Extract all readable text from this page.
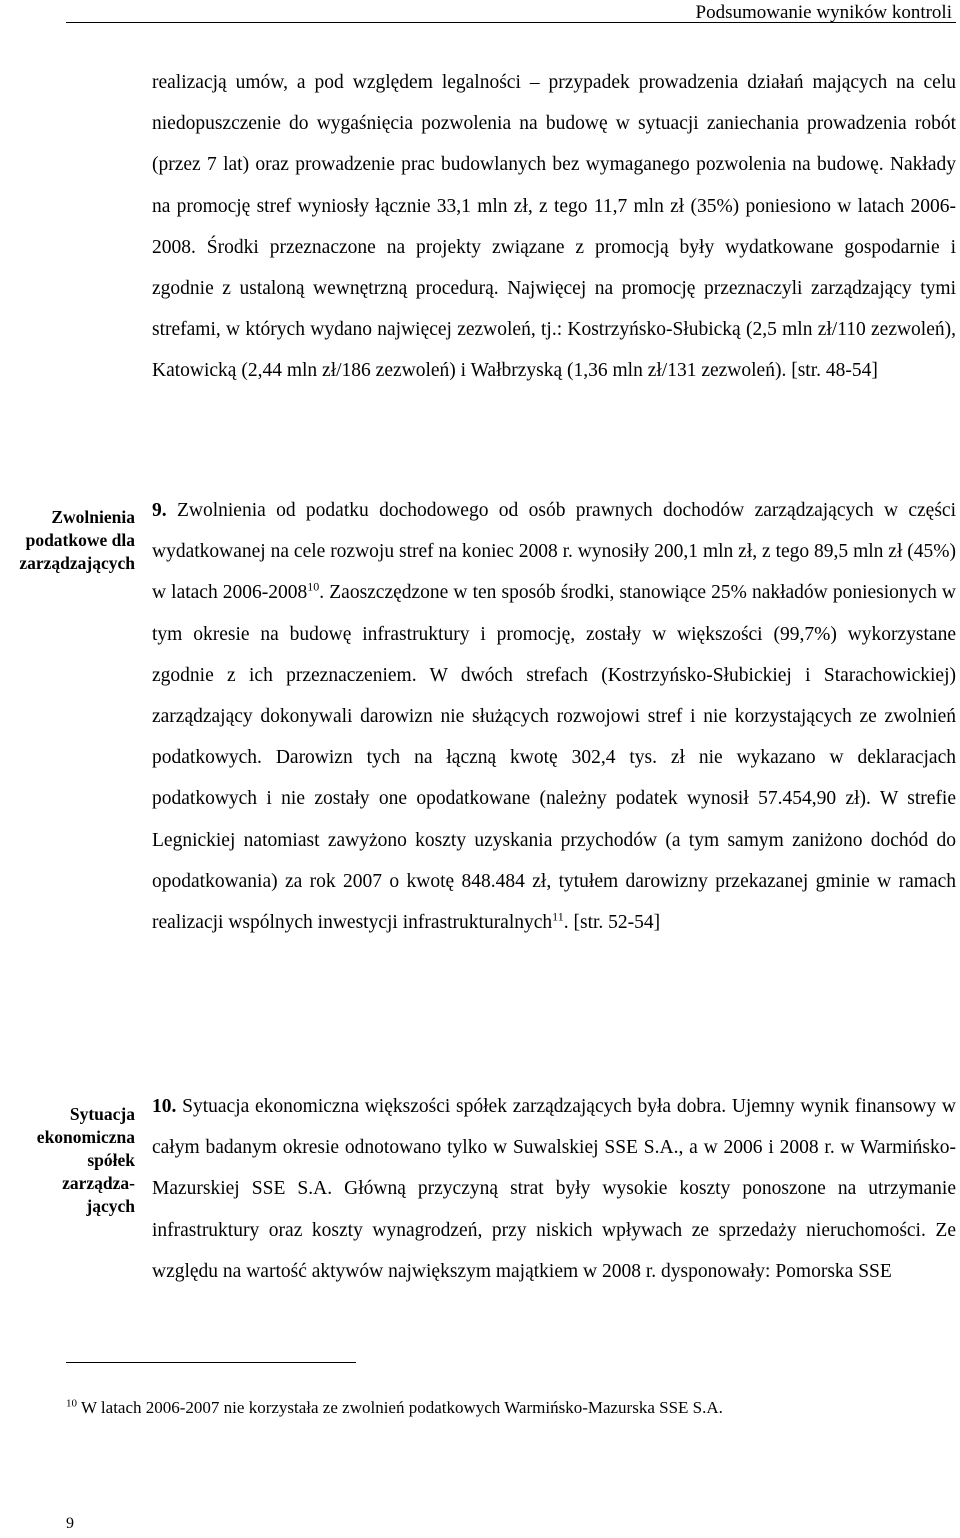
Podsumowanie wyników kontroli

realizacją umów, a pod względem legalności – przypadek prowadzenia działań mających na celu niedopuszczenie do wygaśnięcia pozwolenia na budowę w sytuacji zaniechania prowadzenia robót (przez 7 lat) oraz prowadzenie prac budowlanych bez wymaganego pozwolenia na budowę. Nakłady na promocję stref wyniosły łącznie 33,1 mln zł, z tego 11,7 mln zł (35%) poniesiono w latach 2006-2008. Środki przeznaczone na projekty związane z promocją były wydatkowane gospodarnie i zgodnie z ustaloną wewnętrzną procedurą. Najwięcej na promocję przeznaczyli zarządzający tymi strefami, w których wydano najwięcej zezwoleń, tj.: Kostrzyńsko-Słubicką (2,5 mln zł/110 zezwoleń), Katowicką (2,44 mln zł/186 zezwoleń) i Wałbrzyską (1,36 mln zł/131 zezwoleń). [str. 48-54]

Zwolnienia
podatkowe dla
zarządzających

9. Zwolnienia od podatku dochodowego od osób prawnych dochodów zarządzających w części wydatkowanej na cele rozwoju stref na koniec 2008 r. wynosiły 200,1 mln zł, z tego 89,5 mln zł (45%) w latach 2006-2008$^{10}$. Zaoszczędzone w ten sposób środki, stanowiące 25% nakładów poniesionych w tym okresie na budowę infrastruktury i promocję, zostały w większości (99,7%) wykorzystane zgodnie z ich przeznaczeniem. W dwóch strefach (Kostrzyńsko-Słubickiej i Starachowickiej) zarządzający dokonywali darowizn nie służących rozwojowi stref i nie korzystających ze zwolnień podatkowych. Darowizn tych na łączną kwotę 302,4 tys. zł nie wykazano w deklaracjach podatkowych i nie zostały one opodatkowane (należny podatek wynosił 57.454,90 zł). W strefie Legnickiej natomiast zawyżono koszty uzyskania przychodów (a tym samym zaniżono dochód do opodatkowania) za rok 2007 o kwotę 848.484 zł, tytułem darowizny przekazanej gminie w ramach realizacji wspólnych inwestycji infrastrukturalnych$^{11}$. [str. 52-54]

Sytuacja
ekonomiczna
spółek
zarządza-
jących

10. Sytuacja ekonomiczna większości spółek zarządzających była dobra. Ujemny wynik finansowy w całym badanym okresie odnotowano tylko w Suwalskiej SSE S.A., a w 2006 i 2008 r. w Warmińsko-Mazurskiej SSE S.A. Główną przyczyną strat były wysokie koszty ponoszone na utrzymanie infrastruktury oraz koszty wynagrodzeń, przy niskich wpływach ze sprzedaży nieruchomości. Ze względu na wartość aktywów największym majątkiem w 2008 r. dysponowały: Pomorska SSE

$^{10}$ W latach 2006-2007 nie korzystała ze zwolnień podatkowych Warmińsko-Mazurska SSE S.A.
9
